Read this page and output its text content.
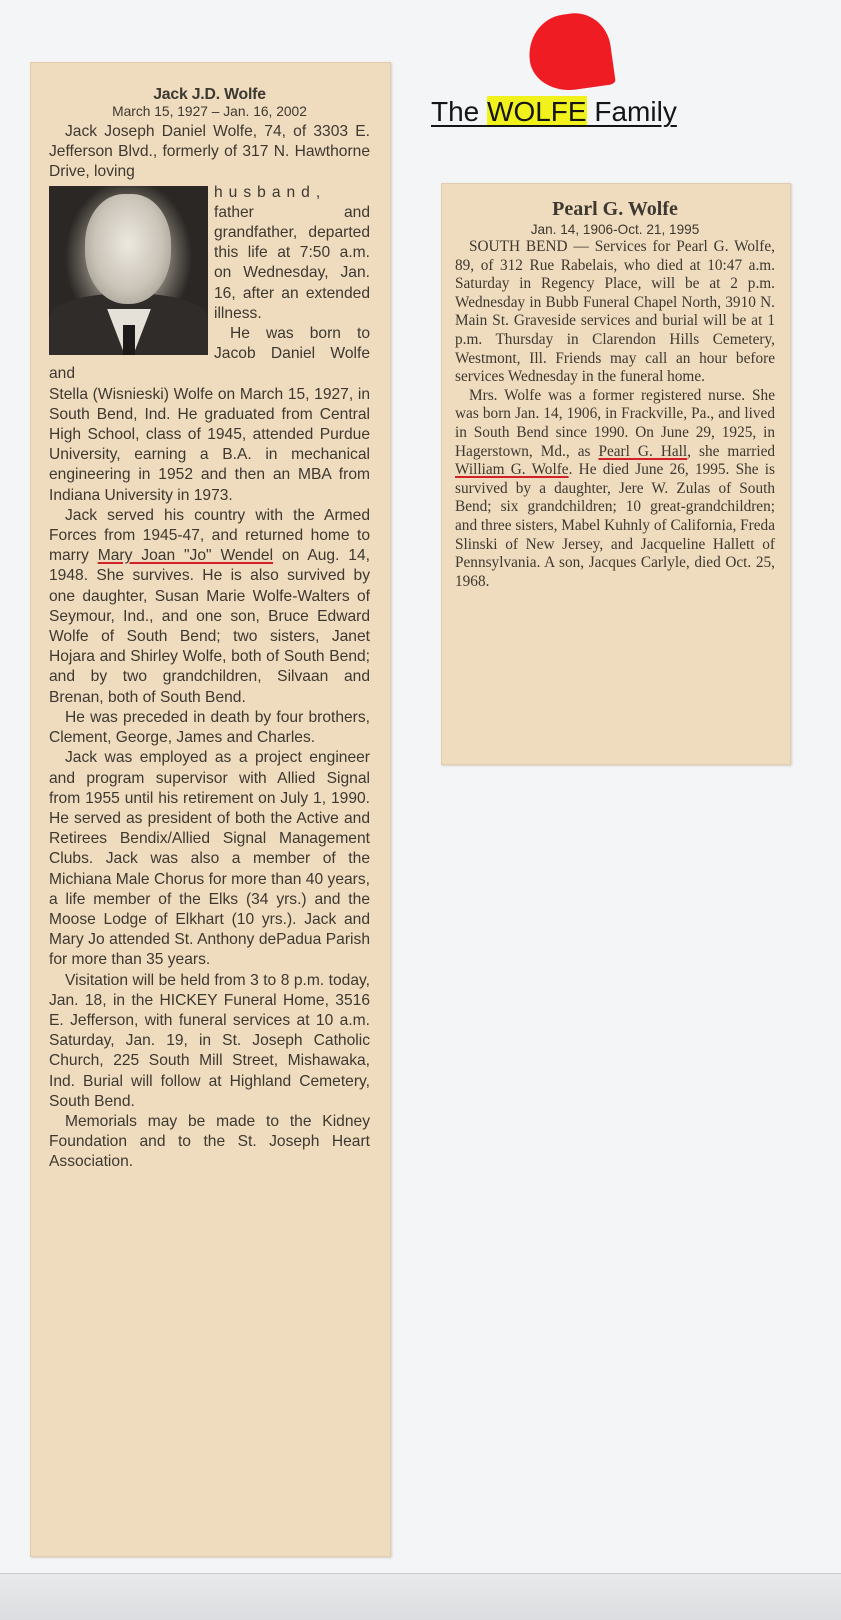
The WOLFE Family
Jack J.D. Wolfe
March 15, 1927 – Jan. 16, 2002

Jack Joseph Daniel Wolfe, 74, of 3303 E. Jefferson Blvd., formerly of 317 N. Hawthorne Drive, loving

husband, father and grandfather, departed this life at 7:50 a.m. on Wednesday, Jan. 16, after an extended illness.

He was born to Jacob Daniel Wolfe and

Stella (Wisnieski) Wolfe on March 15, 1927, in South Bend, Ind. He graduated from Central High School, class of 1945, attended Purdue University, earning a B.A. in mechanical engineering in 1952 and then an MBA from Indiana University in 1973.

Jack served his country with the Armed Forces from 1945-47, and returned home to marry Mary Joan "Jo" Wendel on Aug. 14, 1948. She survives. He is also survived by one daughter, Susan Marie Wolfe-Walters of Seymour, Ind., and one son, Bruce Edward Wolfe of South Bend; two sisters, Janet Hojara and Shirley Wolfe, both of South Bend; and by two grandchildren, Silvaan and Brenan, both of South Bend.

He was preceded in death by four brothers, Clement, George, James and Charles.

Jack was employed as a project engineer and program supervisor with Allied Signal from 1955 until his retirement on July 1, 1990. He served as president of both the Active and Retirees Bendix/Allied Signal Management Clubs. Jack was also a member of the Michiana Male Chorus for more than 40 years, a life member of the Elks (34 yrs.) and the Moose Lodge of Elkhart (10 yrs.). Jack and Mary Jo attended St. Anthony dePadua Parish for more than 35 years.

Visitation will be held from 3 to 8 p.m. today, Jan. 18, in the HICKEY Funeral Home, 3516 E. Jefferson, with funeral services at 10 a.m. Saturday, Jan. 19, in St. Joseph Catholic Church, 225 South Mill Street, Mishawaka, Ind. Burial will follow at Highland Cemetery, South Bend.

Memorials may be made to the Kidney Foundation and to the St. Joseph Heart Association.

Pearl G. Wolfe
Jan. 14, 1906-Oct. 21, 1995

SOUTH BEND — Services for Pearl G. Wolfe, 89, of 312 Rue Rabelais, who died at 10:47 a.m. Saturday in Regency Place, will be at 2 p.m. Wednesday in Bubb Funeral Chapel North, 3910 N. Main St. Graveside services and burial will be at 1 p.m. Thursday in Clarendon Hills Cemetery, Westmont, Ill. Friends may call an hour before services Wednesday in the funeral home.

Mrs. Wolfe was a former registered nurse. She was born Jan. 14, 1906, in Frackville, Pa., and lived in South Bend since 1990. On June 29, 1925, in Hagerstown, Md., as Pearl G. Hall, she married William G. Wolfe. He died June 26, 1995. She is survived by a daughter, Jere W. Zulas of South Bend; six grandchildren; 10 great-grandchildren; and three sisters, Mabel Kuhnly of California, Freda Slinski of New Jersey, and Jacqueline Hallett of Pennsylvania. A son, Jacques Carlyle, died Oct. 25, 1968.
